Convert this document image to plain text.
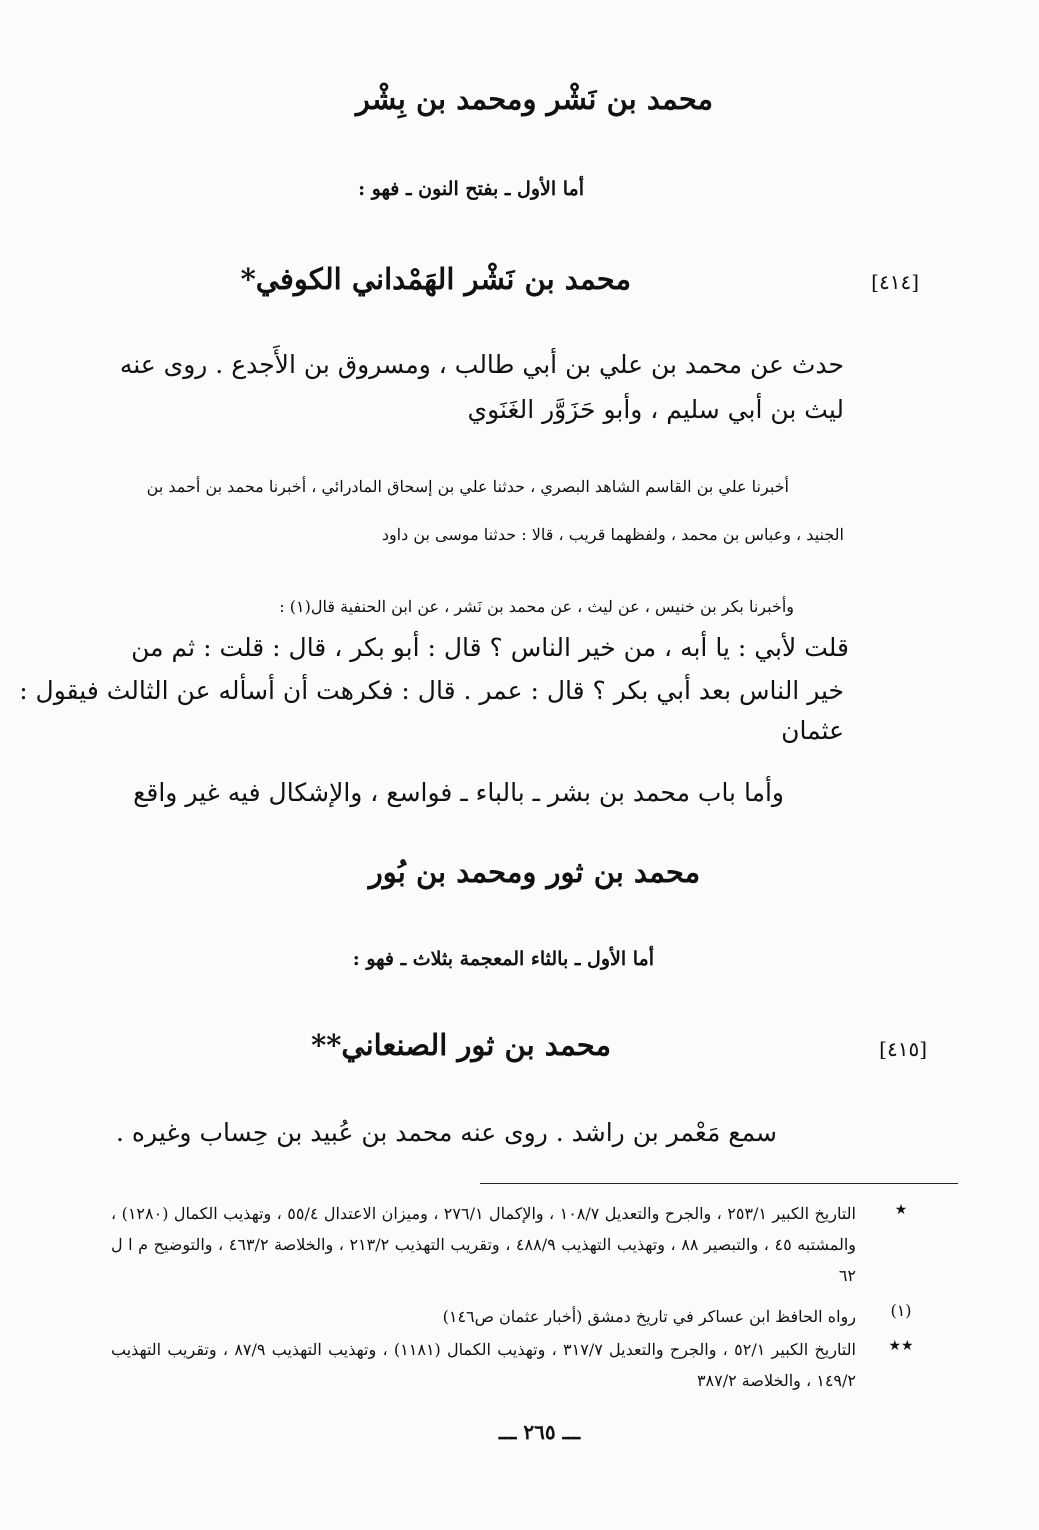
محمد بن نَشْر ومحمد بن بِشْر
أما الأول ـ بفتح النون ـ فهو :
[٤١٤]
محمد بن نَشْر الهَمْداني الكوفي*

حدث عن محمد بن علي بن أبي طالب ، ومسروق بن الأَجدع . روى عنه

ليث بن أبي سليم ، وأبو حَزَوَّر الغَنَوي

أخبرنا علي بن القاسم الشاهد البصري ، حدثنا علي بن إسحاق المادرائي ، أخبرنا محمد بن أحمد بن

الجنيد ، وعباس بن محمد ، ولفظهما قريب ، قالا : حدثنا موسى بن داود

وأخبرنا بكر بن خنيس ، عن ليث ، عن محمد بن نَشر ، عن ابن الحنفية قال(١) :

قلت لأبي : يا أبه ، من خير الناس ؟ قال : أبو بكر ، قال : قلت : ثم من

خير الناس بعد أبي بكر ؟ قال : عمر . قال : فكرهت أن أسأله عن الثالث فيقول :

عثمان

وأما باب محمد بن بشر ـ بالباء ـ فواسع ، والإشكال فيه غير واقع

محمد بن ثور ومحمد بن بُور
أما الأول ـ بالثاء المعجمة بثلاث ـ فهو :
[٤١٥]
محمد بن ثور الصنعاني**

سمع مَعْمر بن راشد . روى عنه محمد بن عُبيد بن حِساب وغيره .

★
التاريخ الكبير ٢٥٣/١ ، والجرح والتعديل ١٠٨/٧ ، والإكمال ٢٧٦/١ ، وميزان الاعتدال ٥٥/٤ ، وتهذيب الكمال (١٢٨٠) ، والمشتبه ٤٥ ، والتبصير ٨٨ ، وتهذيب التهذيب ٤٨٨/٩ ، وتقريب التهذيب ٢١٣/٢ ، والخلاصة ٤٦٣/٢ ، والتوضيح م ا ل ٦٢
(١)
رواه الحافظ ابن عساكر في تاريخ دمشق (أخبار عثمان ص١٤٦)
★★
التاريخ الكبير ٥٢/١ ، والجرح والتعديل ٣١٧/٧ ، وتهذيب الكمال (١١٨١) ، وتهذيب التهذيب ٨٧/٩ ، وتقريب التهذيب ١٤٩/٢ ، والخلاصة ٣٨٧/٢
ـــ ٢٦٥ ـــ
